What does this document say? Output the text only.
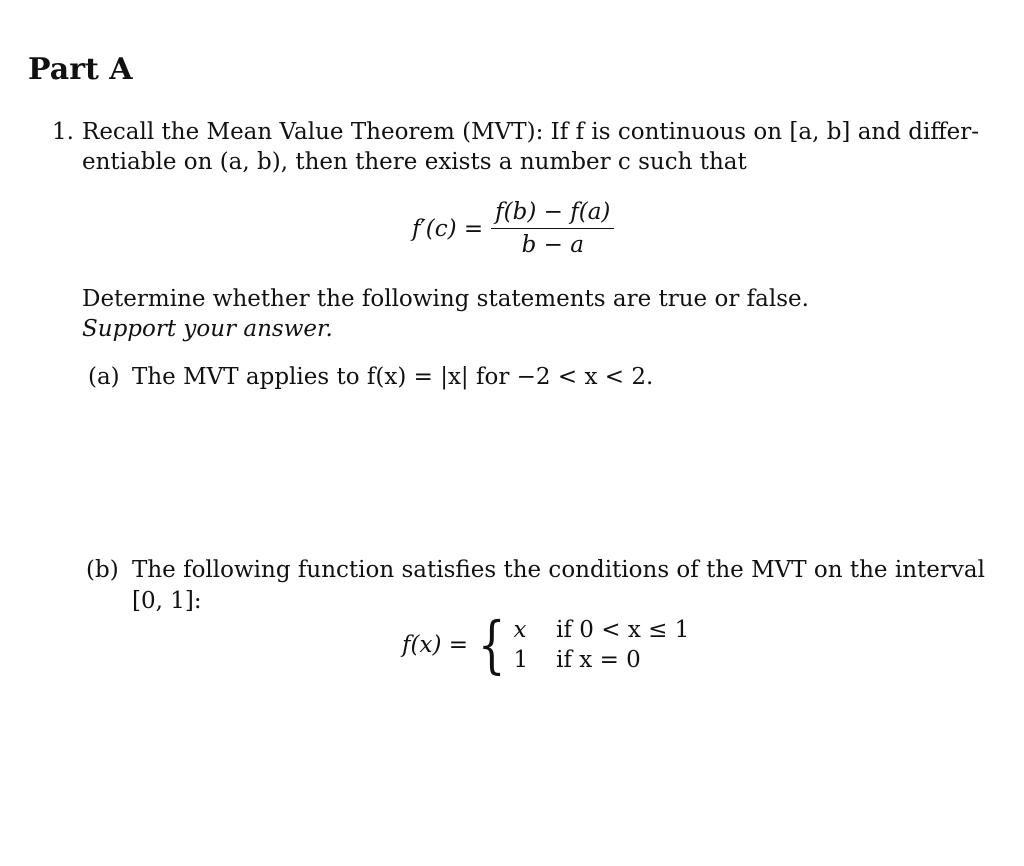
Part A
1. Recall the Mean Value Theorem (MVT): If f is continuous on [a, b] and differ-
entiable on (a, b), then there exists a number c such that
$f'(c) = \frac{f(b) - f(a)}{b - a}$
Determine whether the following statements are true or false.
Support your answer.
(a) The MVT applies to f(x) = |x| for −2 < x < 2.
(b) The following function satisfies the conditions of the MVT on the interval
[0, 1]:
f(x) = { x	if 0 < x ≤ 1
1	if x = 0
